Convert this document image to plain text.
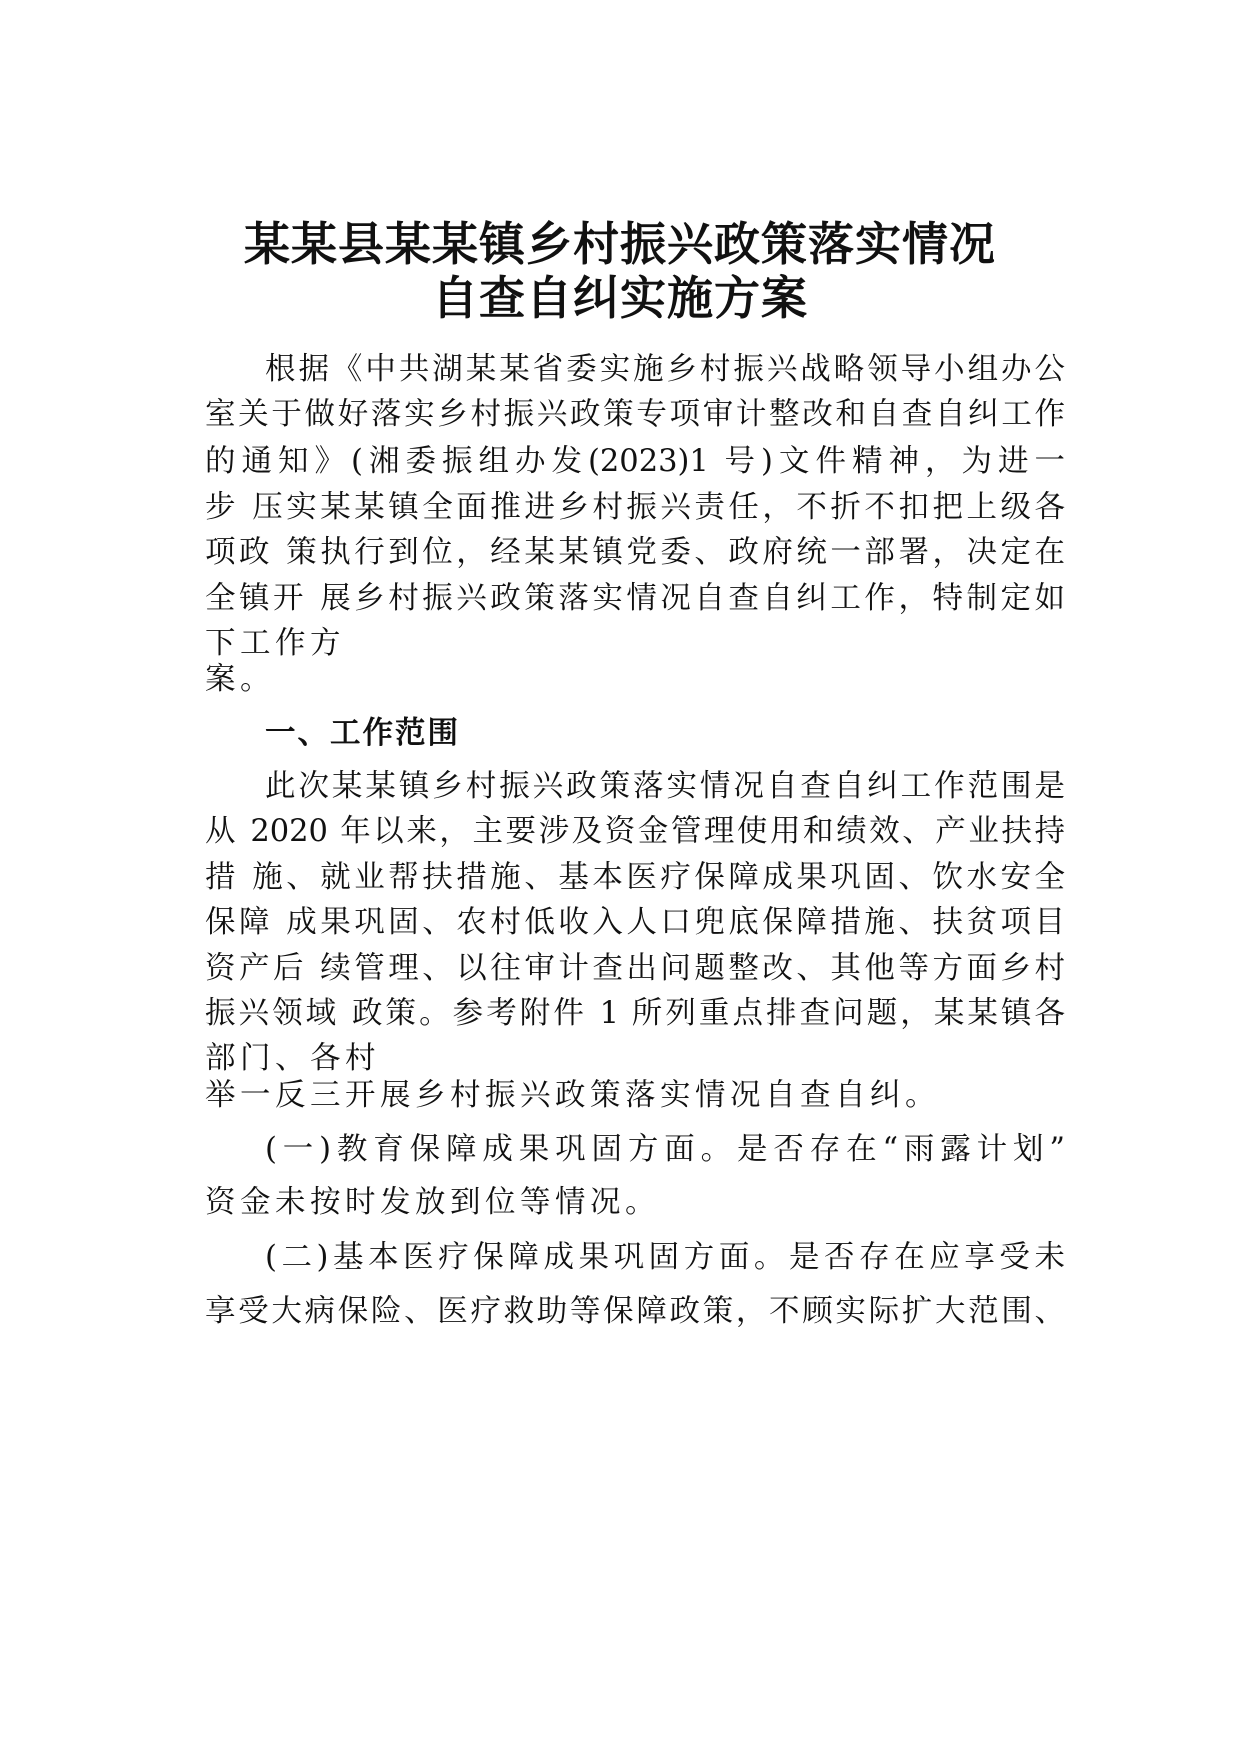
某某县某某镇乡村振兴政策落实情况
自查自纠实施方案
根据《中共湖某某省委实施乡村振兴战略领导小组办公
室关于做好落实乡村振兴政策专项审计整改和自查自纠工作
的通知》(湘委振组办发(2023)1 号)文件精神，为进一
步 压实某某镇全面推进乡村振兴责任，不折不扣把上级各
项政 策执行到位，经某某镇党委、政府统一部署，决定在
全镇开 展乡村振兴政策落实情况自查自纠工作，特制定如
下工作方
案。
一、工作范围
此次某某镇乡村振兴政策落实情况自查自纠工作范围是
从 2020 年以来，主要涉及资金管理使用和绩效、产业扶持
措 施、就业帮扶措施、基本医疗保障成果巩固、饮水安全
保障 成果巩固、农村低收入人口兜底保障措施、扶贫项目
资产后 续管理、以往审计查出问题整改、其他等方面乡村
振兴领域 政策。参考附件 1 所列重点排查问题，某某镇各
部门、各村
举一反三开展乡村振兴政策落实情况自查自纠。
(一)教育保障成果巩固方面。是否存在“雨露计划”
资金未按时发放到位等情况。
(二)基本医疗保障成果巩固方面。是否存在应享受未
享受大病保险、医疗救助等保障政策，不顾实际扩大范围、
